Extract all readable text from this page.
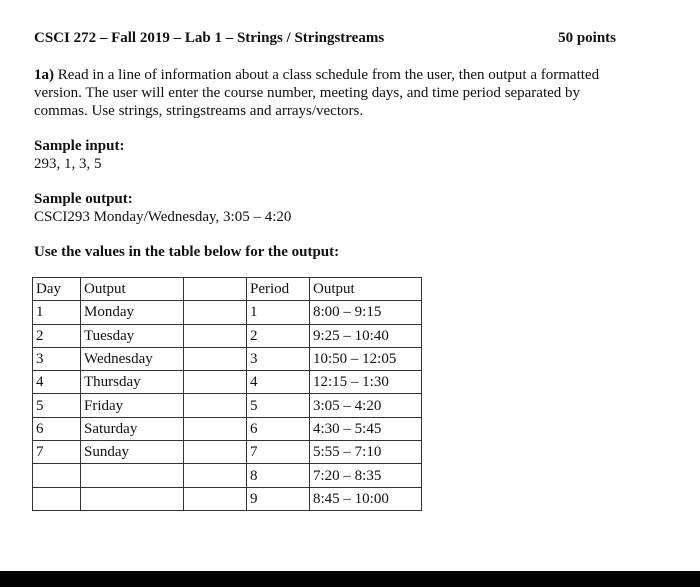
CSCI 272 – Fall 2019 – Lab 1 – Strings / Stringstreams	50 points
1a) Read in a line of information about a class schedule from the user, then output a formatted version. The user will enter the course number, meeting days, and time period separated by commas. Use strings, stringstreams and arrays/vectors.
Sample input:
293, 1, 3, 5
Sample output:
CSCI293 Monday/Wednesday, 3:05 – 4:20
Use the values in the table below for the output:
Day	Output		Period	Output
1	Monday		1	8:00 – 9:15
2	Tuesday		2	9:25 – 10:40
3	Wednesday		3	10:50 – 12:05
4	Thursday		4	12:15 – 1:30
5	Friday		5	3:05 – 4:20
6	Saturday		6	4:30 – 5:45
7	Sunday		7	5:55 – 7:10
			8	7:20 – 8:35
			9	8:45 – 10:00
